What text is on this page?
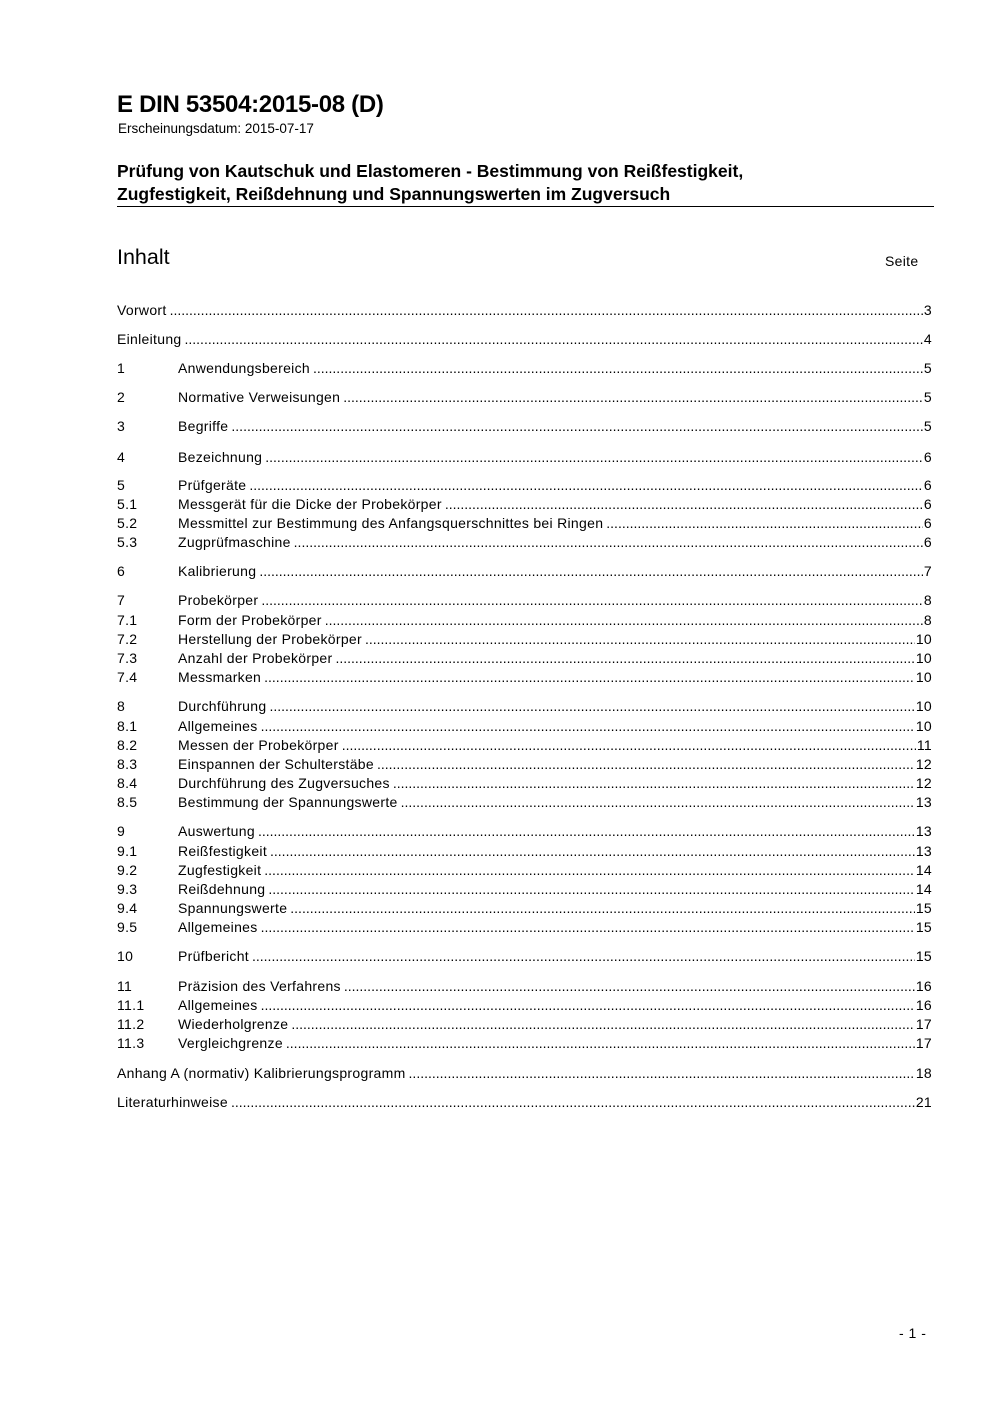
E DIN 53504:2015-08 (D)
Erscheinungsdatum: 2015-07-17
Prüfung von Kautschuk und Elastomeren - Bestimmung von Reißfestigkeit,
Zugfestigkeit, Reißdehnung und Spannungswerten im Zugversuch
Inhalt	Seite
Vorwort .....	3
Einleitung .....	4
1	Anwendungsbereich .....	5
2	Normative Verweisungen .....	5
3	Begriffe .....	5
4	Bezeichnung .....	6
5	Prüfgeräte .....	6
5.1	Messgerät für die Dicke der Probekörper .....	6
5.2	Messmittel zur Bestimmung des Anfangsquerschnittes bei Ringen .....	6
5.3	Zugprüfmaschine .....	6
6	Kalibrierung .....	7
7	Probekörper .....	8
7.1	Form der Probekörper .....	8
7.2	Herstellung der Probekörper .....	10
7.3	Anzahl der Probekörper .....	10
7.4	Messmarken .....	10
8	Durchführung .....	10
8.1	Allgemeines .....	10
8.2	Messen der Probekörper .....	11
8.3	Einspannen der Schulterstäbe .....	12
8.4	Durchführung des Zugversuches .....	12
8.5	Bestimmung der Spannungswerte .....	13
9	Auswertung .....	13
9.1	Reißfestigkeit .....	13
9.2	Zugfestigkeit .....	14
9.3	Reißdehnung .....	14
9.4	Spannungswerte .....	15
9.5	Allgemeines .....	15
10	Prüfbericht .....	15
11	Präzision des Verfahrens .....	16
11.1	Allgemeines .....	16
11.2	Wiederholgrenze .....	17
11.3	Vergleichgrenze .....	17
Anhang A (normativ) Kalibrierungsprogramm .....	18
Literaturhinweise .....	21
- 1 -
